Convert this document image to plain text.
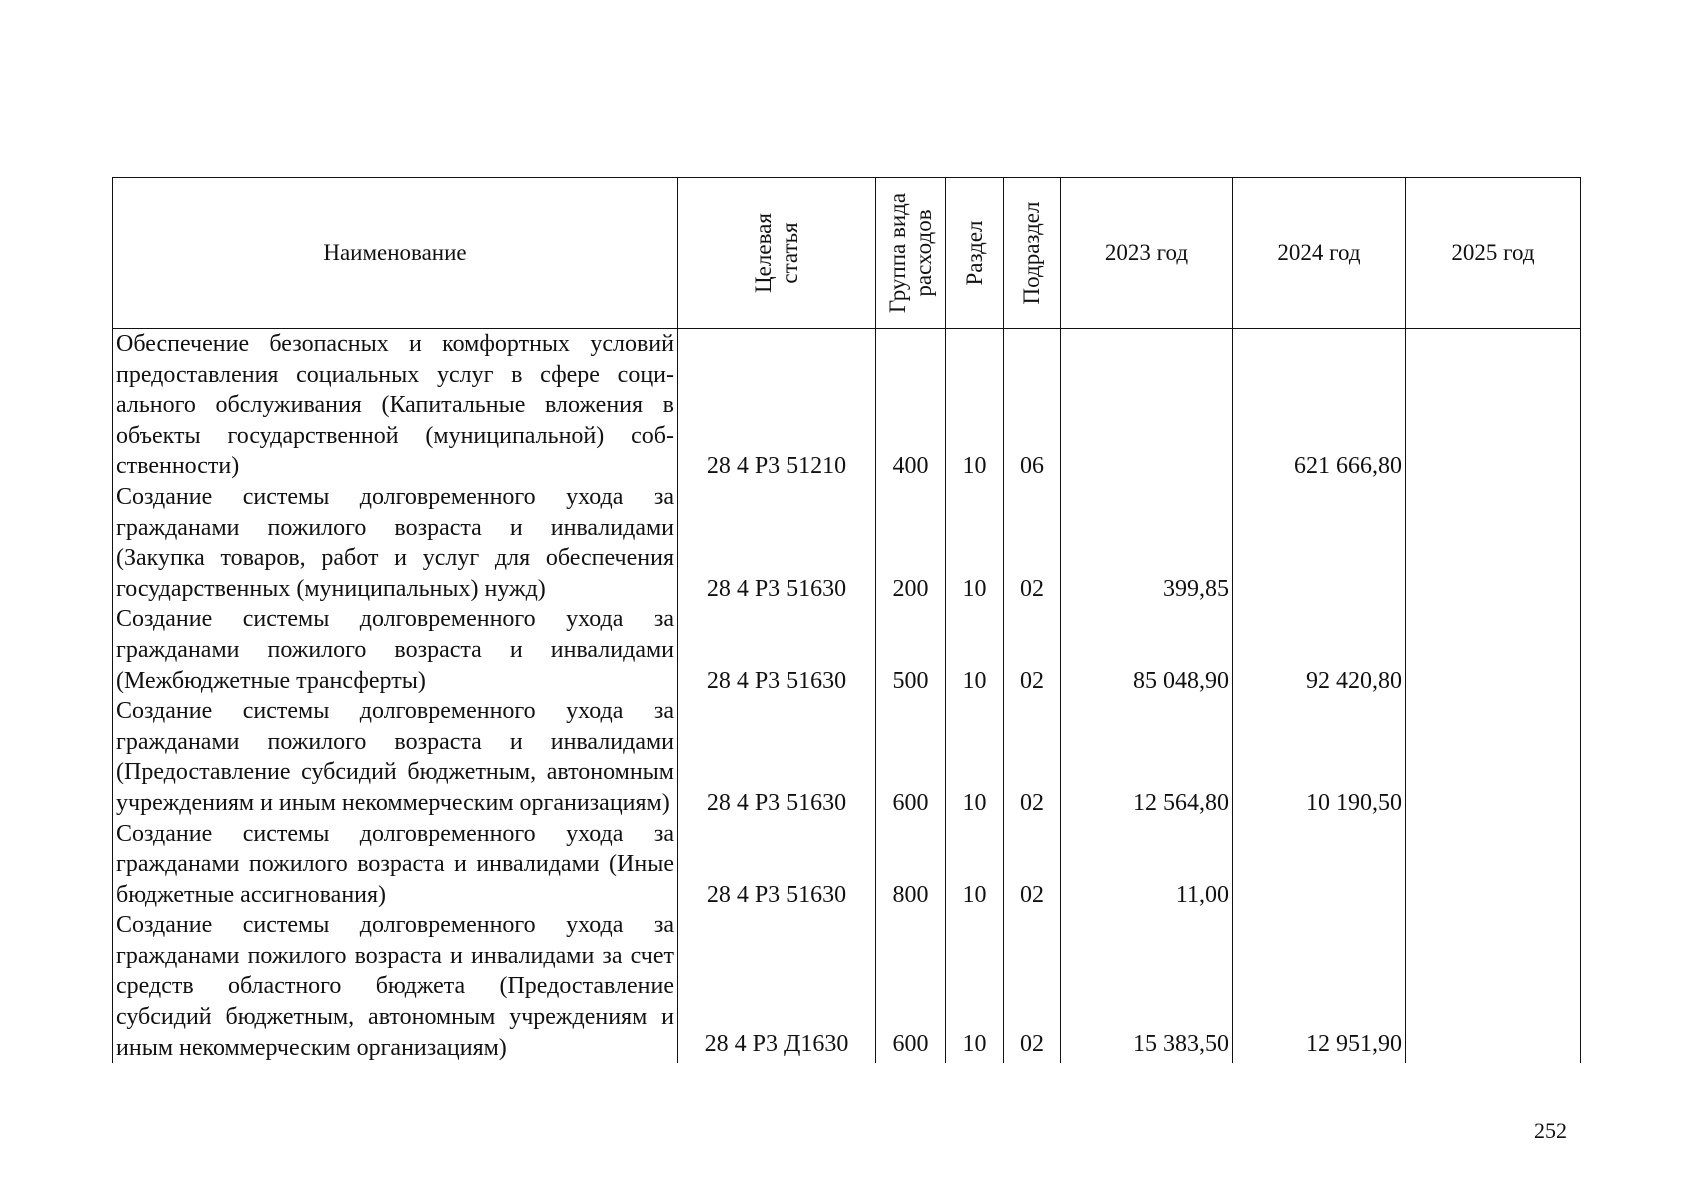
Наименование	Целевая статья	Группа вида расходов	Раздел	Подраздел	2023 год	2024 год	2025 год
Обеспечение безопасных и комфортных условий предоставления социальных услуг в сфере социального обслуживания (Капитальные вложения в объекты государственной (муниципальной) собственности)	28 4 Р3 51210	400	10	06		621 666,80	
Создание системы долговременного ухода за гражданами пожилого возраста и инвалидами (Закупка товаров, работ и услуг для обеспечения государственных (муниципальных) нужд)	28 4 Р3 51630	200	10	02	399,85		
Создание системы долговременного ухода за гражданами пожилого возраста и инвалидами (Межбюджетные трансферты)	28 4 Р3 51630	500	10	02	85 048,90	92 420,80	
Создание системы долговременного ухода за гражданами пожилого возраста и инвалидами (Предоставление субсидий бюджетным, автономным учреждениям и иным некоммерческим организациям)	28 4 Р3 51630	600	10	02	12 564,80	10 190,50	
Создание системы долговременного ухода за гражданами пожилого возраста и инвалидами (Иные бюджетные ассигнования)	28 4 Р3 51630	800	10	02	11,00		
Создание системы долговременного ухода за гражданами пожилого возраста и инвалидами за счет средств областного бюджета (Предоставление субсидий бюджетным, автономным учреждениям и иным некоммерческим организациям)	28 4 Р3 Д1630	600	10	02	15 383,50	12 951,90	
252
